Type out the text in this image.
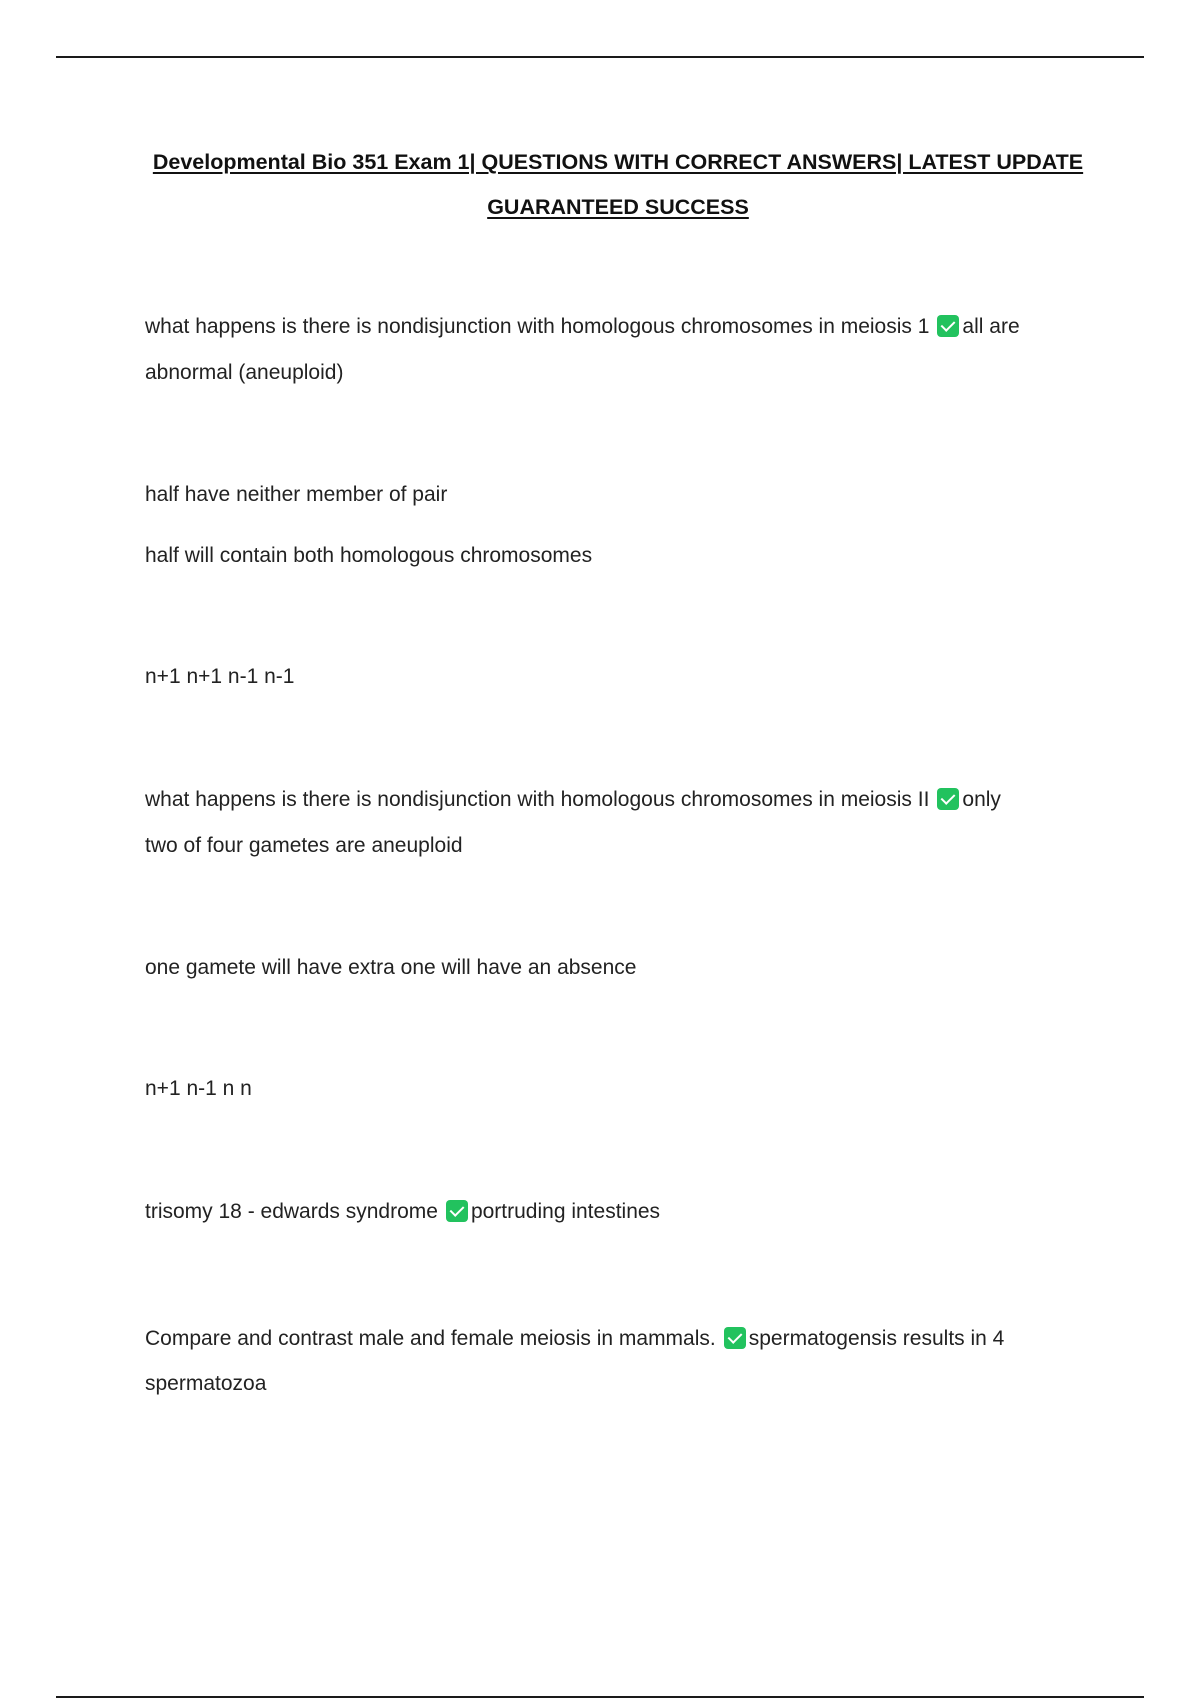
Developmental Bio 351 Exam 1| QUESTIONS WITH CORRECT ANSWERS| LATEST UPDATE
GUARANTEED SUCCESS
what happens is there is nondisjunction with homologous chromosomes in meiosis 1 all are
abnormal (aneuploid)
half have neither member of pair
half will contain both homologous chromosomes
n+1 n+1 n-1 n-1
what happens is there is nondisjunction with homologous chromosomes in meiosis II only
two of four gametes are aneuploid
one gamete will have extra one will have an absence
n+1 n-1 n n
trisomy 18 - edwards syndrome portruding intestines
Compare and contrast male and female meiosis in mammals. spermatogensis results in 4
spermatozoa
